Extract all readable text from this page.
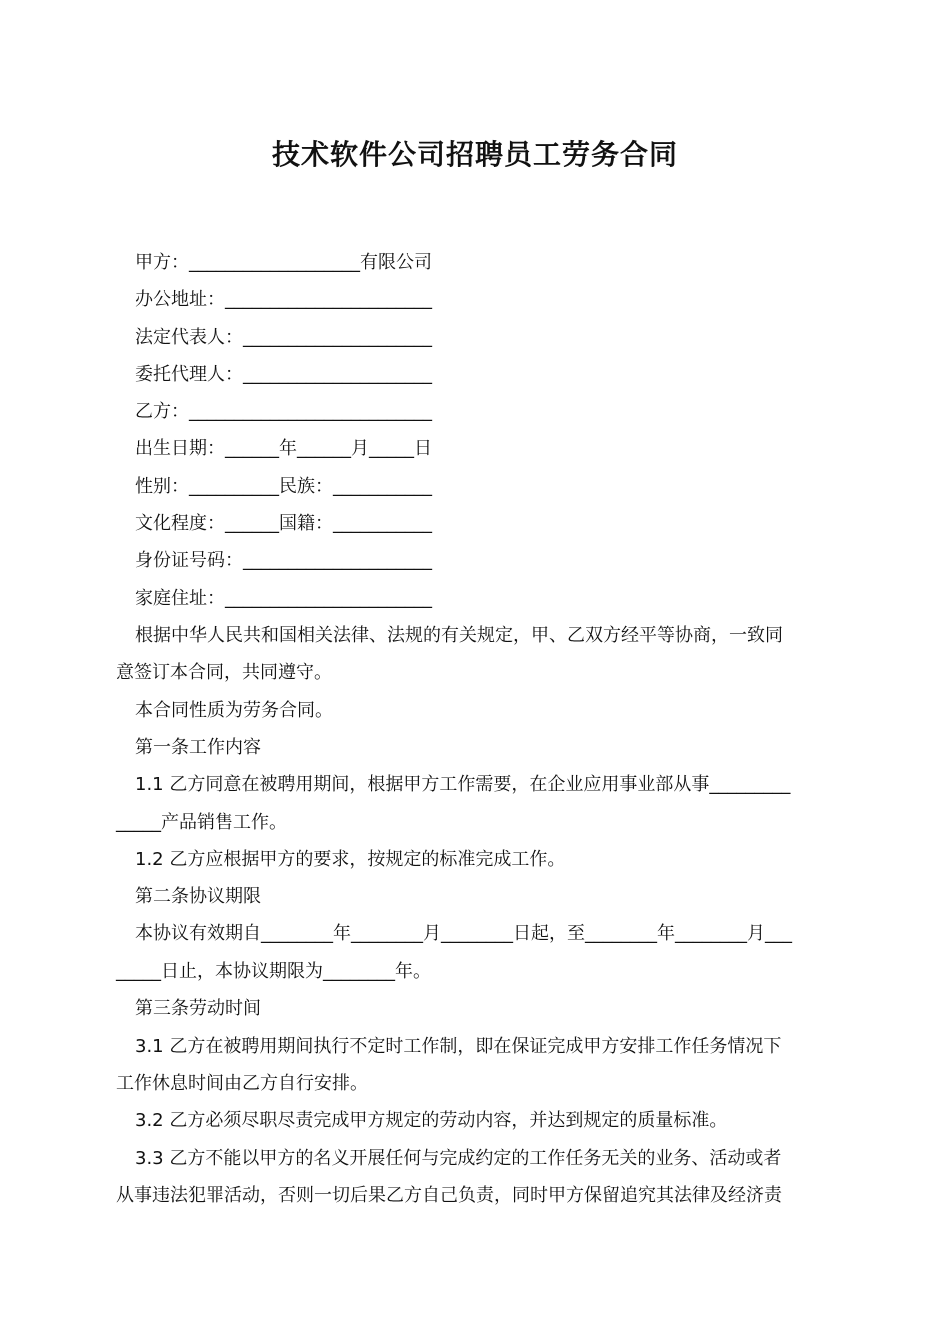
技术软件公司招聘员工劳务合同
甲方：___________________有限公司
办公地址：_______________________
法定代表人：_____________________
委托代理人：_____________________
乙方：___________________________
出生日期：______年______月_____日
性别：__________民族：___________
文化程度：______国籍：___________
身份证号码：_____________________
家庭住址：_______________________
根据中华人民共和国相关法律、法规的有关规定，甲、乙双方经平等协商，一致同
意签订本合同，共同遵守。
本合同性质为劳务合同。
第一条工作内容
1.1 乙方同意在被聘用期间，根据甲方工作需要，在企业应用事业部从事_________
_____产品销售工作。
1.2 乙方应根据甲方的要求，按规定的标准完成工作。
第二条协议期限
本协议有效期自________年________月________日起，至________年________月___
_____日止，本协议期限为________年。
第三条劳动时间
3.1 乙方在被聘用期间执行不定时工作制，即在保证完成甲方安排工作任务情况下
工作休息时间由乙方自行安排。
3.2 乙方必须尽职尽责完成甲方规定的劳动内容，并达到规定的质量标准。
3.3 乙方不能以甲方的名义开展任何与完成约定的工作任务无关的业务、活动或者
从事违法犯罪活动，否则一切后果乙方自己负责，同时甲方保留追究其法律及经济责
